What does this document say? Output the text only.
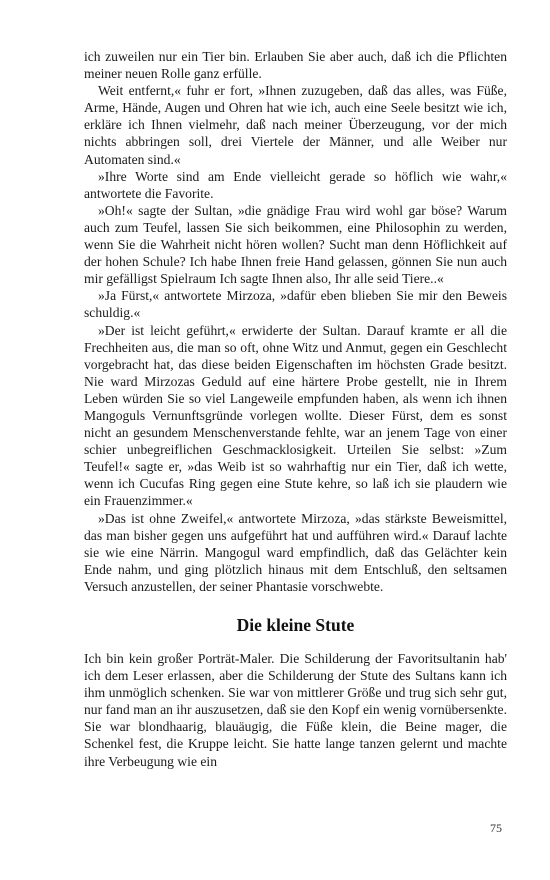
ich zuweilen nur ein Tier bin. Erlauben Sie aber auch, daß ich die Pflichten meiner neuen Rolle ganz erfülle.

Weit entfernt,« fuhr er fort, »Ihnen zuzugeben, daß das alles, was Füße, Arme, Hände, Augen und Ohren hat wie ich, auch eine Seele besitzt wie ich, erkläre ich Ihnen vielmehr, daß nach meiner Überzeugung, vor der mich nichts abbringen soll, drei Viertele der Männer, und alle Weiber nur Automaten sind.«

»Ihre Worte sind am Ende vielleicht gerade so höflich wie wahr,« antwortete die Favorite.

»Oh!« sagte der Sultan, »die gnädige Frau wird wohl gar böse? Warum auch zum Teufel, lassen Sie sich beikommen, eine Philosophin zu werden, wenn Sie die Wahrheit nicht hören wollen? Sucht man denn Höflichkeit auf der hohen Schule? Ich habe Ihnen freie Hand gelassen, gönnen Sie nun auch mir gefälligst Spielraum Ich sagte Ihnen also, Ihr alle seid Tiere..«

»Ja Fürst,« antwortete Mirzoza, »dafür eben blieben Sie mir den Beweis schuldig.«

»Der ist leicht geführt,« erwiderte der Sultan. Darauf kramte er all die Frechheiten aus, die man so oft, ohne Witz und Anmut, gegen ein Geschlecht vorgebracht hat, das diese beiden Eigenschaften im höchsten Grade besitzt. Nie ward Mirzozas Geduld auf eine härtere Probe gestellt, nie in Ihrem Leben würden Sie so viel Langeweile empfunden haben, als wenn ich ihnen Mangoguls Vernunftsgründe vorlegen wollte. Dieser Fürst, dem es sonst nicht an gesundem Menschenverstande fehlte, war an jenem Tage von einer schier unbegreiflichen Geschmacklosigkeit. Urteilen Sie selbst: »Zum Teufel!« sagte er, »das Weib ist so wahrhaftig nur ein Tier, daß ich wette, wenn ich Cucufas Ring gegen eine Stute kehre, so laß ich sie plaudern wie ein Frauenzimmer.«

»Das ist ohne Zweifel,« antwortete Mirzoza, »das stärkste Beweismittel, das man bisher gegen uns aufgeführt hat und aufführen wird.« Darauf lachte sie wie eine Närrin. Mangogul ward empfindlich, daß das Gelächter kein Ende nahm, und ging plötzlich hinaus mit dem Entschluß, den seltsamen Versuch anzustellen, der seiner Phantasie vorschwebte.

Die kleine Stute

Ich bin kein großer Porträt-Maler. Die Schilderung der Favoritsultanin hab' ich dem Leser erlassen, aber die Schilderung der Stute des Sultans kann ich ihm unmöglich schenken. Sie war von mittlerer Größe und trug sich sehr gut, nur fand man an ihr auszusetzen, daß sie den Kopf ein wenig vornübersenkte. Sie war blondhaarig, blauäugig, die Füße klein, die Beine mager, die Schenkel fest, die Kruppe leicht. Sie hatte lange tanzen gelernt und machte ihre Verbeugung wie ein

75
